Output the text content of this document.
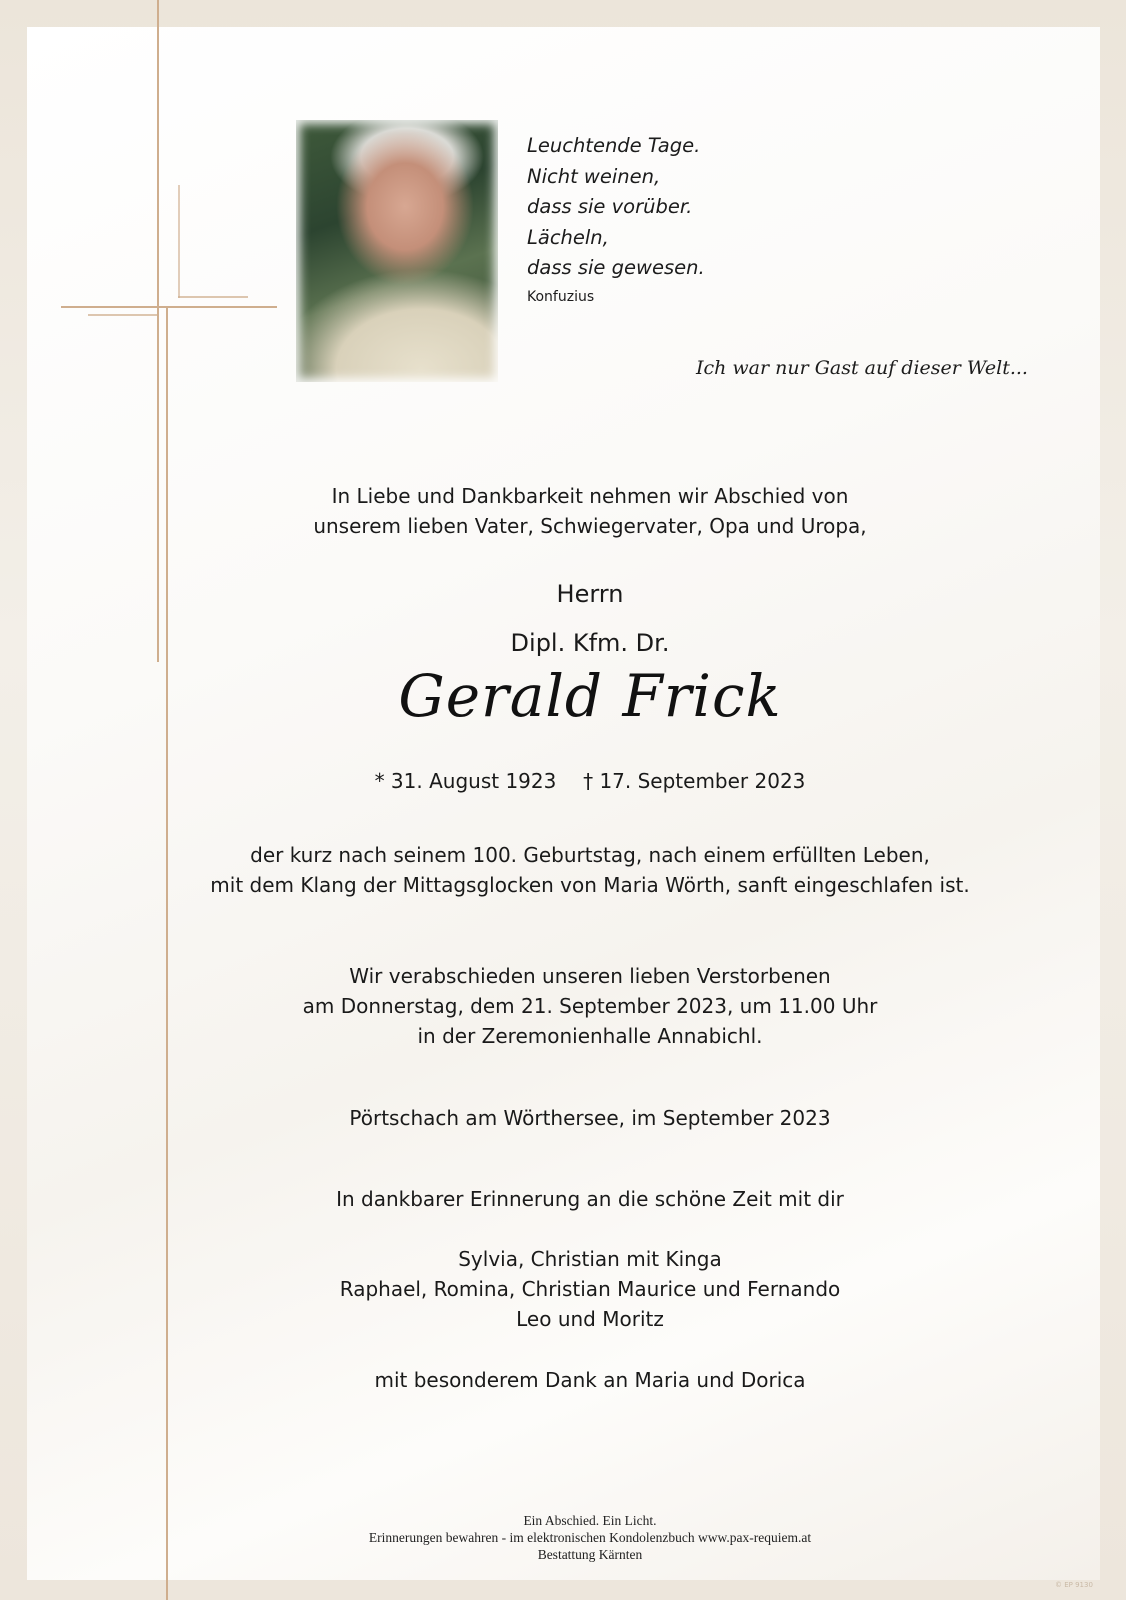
Leuchtende Tage.
Nicht weinen,
dass sie vorüber.
Lächeln,
dass sie gewesen.
Konfuzius
Ich war nur Gast auf dieser Welt...
In Liebe und Dankbarkeit nehmen wir Abschied von
unserem lieben Vater, Schwiegervater, Opa und Uropa,
Herrn
Dipl. Kfm. Dr.
Gerald Frick
* 31. August 1923 † 17. September 2023
der kurz nach seinem 100. Geburtstag, nach einem erfüllten Leben,
mit dem Klang der Mittagsglocken von Maria Wörth, sanft eingeschlafen ist.
Wir verabschieden unseren lieben Verstorbenen
am Donnerstag, dem 21. September 2023, um 11.00 Uhr
in der Zeremonienhalle Annabichl.
Pörtschach am Wörthersee, im September 2023
In dankbarer Erinnerung an die schöne Zeit mit dir
Sylvia, Christian mit Kinga
Raphael, Romina, Christian Maurice und Fernando
Leo und Moritz
mit besonderem Dank an Maria und Dorica
Ein Abschied. Ein Licht.
Erinnerungen bewahren - im elektronischen Kondolenzbuch www.pax-requiem.at
Bestattung Kärnten
© EP 9130
